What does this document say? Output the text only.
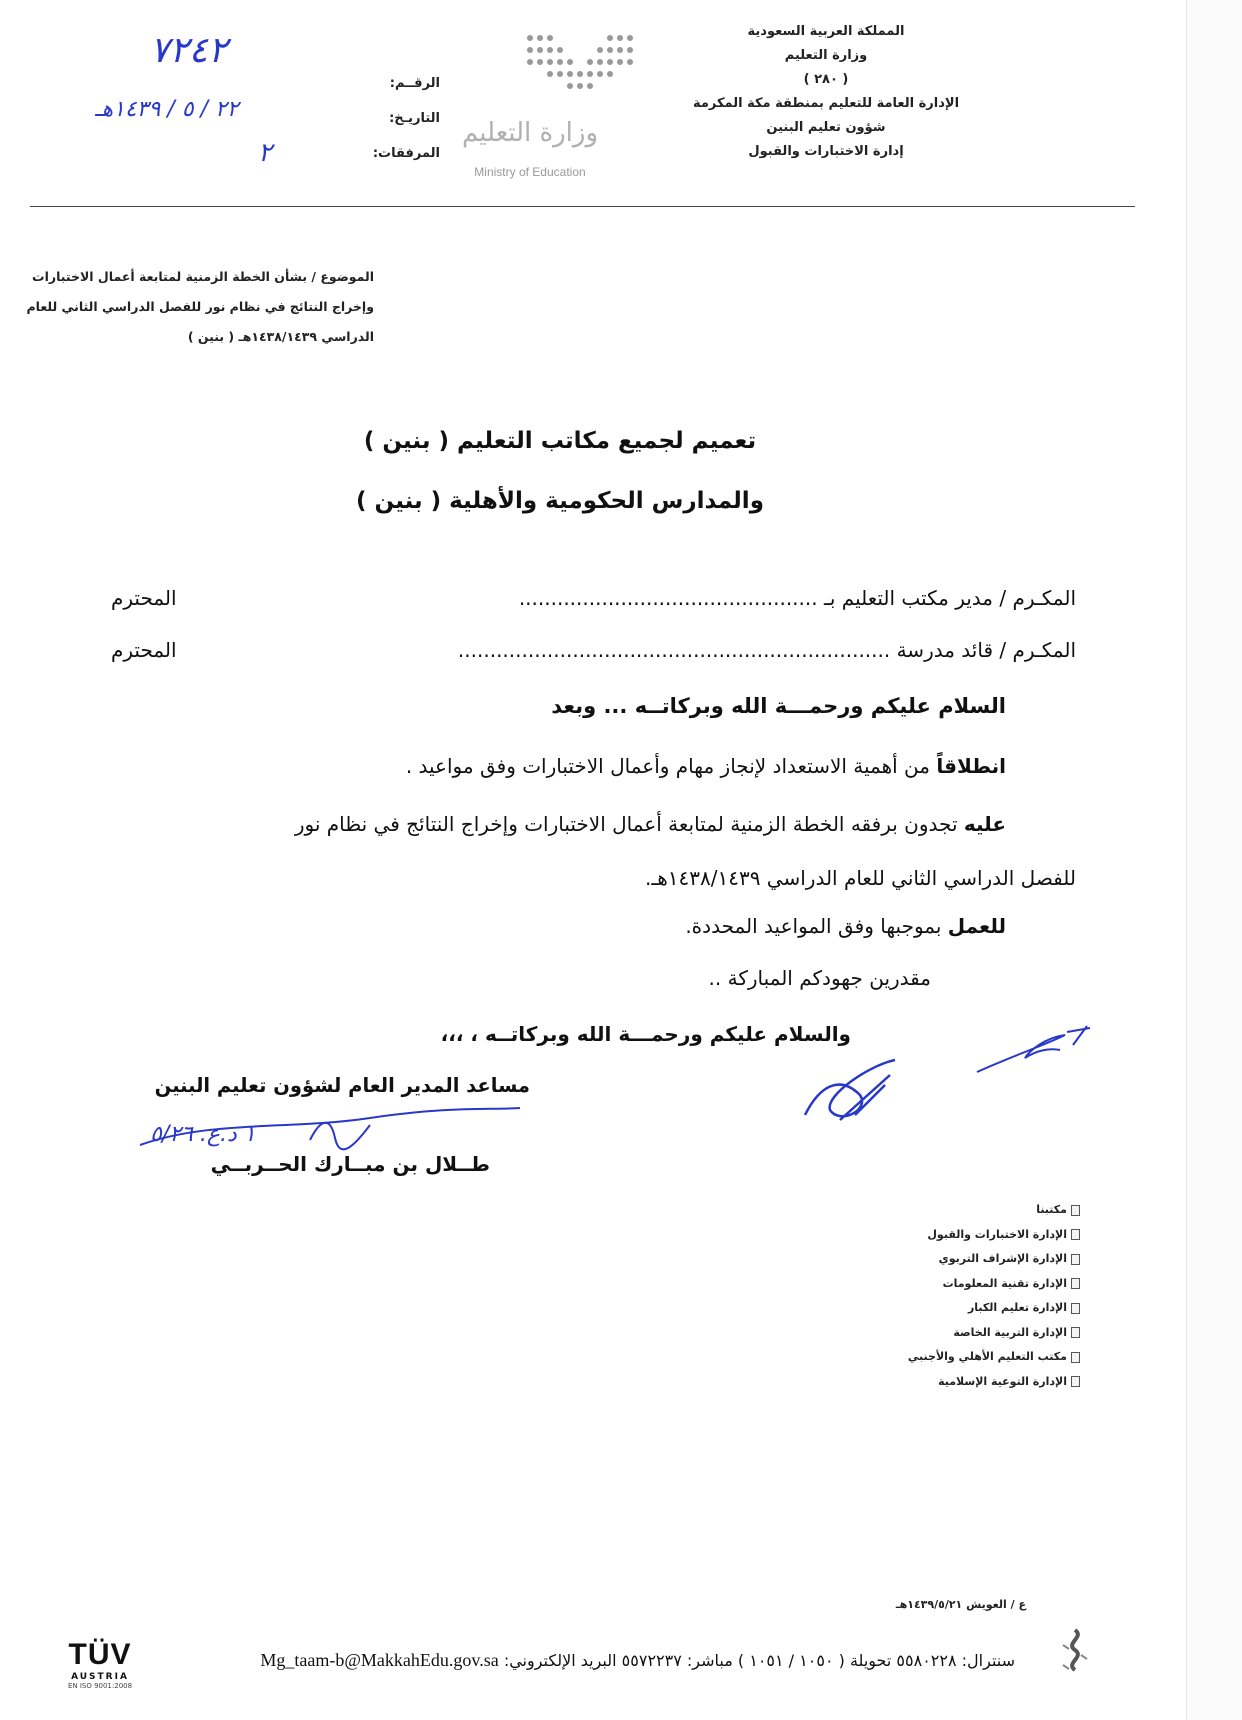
المملكة العربية السعودية
وزارة التعليم
( ٢٨٠ )
الإدارة العامة للتعليم بمنطقة مكة المكرمة
شؤون تعليم البنين
إدارة الاختبارات والقبول
وزارة التعليم
Ministry of Education
الرقــم:
التاريـخ:
المرفقات:
٧٢٤٢
٢٢ / ٥ / ١٤٣٩هـ
٢
الموضوع / بشأن الخطة الزمنية لمتابعة أعمال الاختبارات
وإخراج النتائج في نظام نور للفصل الدراسي الثاني للعام
الدراسي ١٤٣٨/١٤٣٩هـ ( بنين )
تعميم لجميع مكاتب التعليم ( بنين )
والمدارس الحكومية والأهلية ( بنين )
المكـرم / مدير مكتب التعليم بـ ...............................................
المحترم
المكـرم / قائد مدرسة ....................................................................
المحترم
السلام عليكم ورحمـــة الله وبركاتــه ... وبعد
انطلاقاً من أهمية الاستعداد لإنجاز مهام وأعمال الاختبارات وفق مواعيد .
عليه تجدون برفقه الخطة الزمنية لمتابعة أعمال الاختبارات وإخراج النتائج في نظام نور
للفصل الدراسي الثاني للعام الدراسي ١٤٣٨/١٤٣٩هـ.
للعمل بموجبها وفق المواعيد المحددة.
مقدرين جهودكم المباركة ..
والسلام عليكم ورحمـــة الله وبركاتــه ، ،،،
مساعد المدير العام لشؤون تعليم البنين
طــلال بن مبــارك الحــربــي
١ د.ع. ٥/٢٦
مكتبنا
الإدارة الاختبارات والقبول
الإدارة الإشراف التربوي
الإدارة تقنية المعلومات
الإدارة تعليم الكبار
الإدارة التربية الخاصة
مكتب التعليم الأهلي والأجنبي
الإدارة التوعية الإسلامية
ع / العويش ١٤٣٩/٥/٢١هـ
سنترال: ٥٥٨٠٢٢٨ تحويلة ( ١٠٥٠ / ١٠٥١ ) مباشر: ٥٥٧٢٢٣٧ البريد الإلكتروني: Mg_taam-b@MakkahEdu.gov.sa
TÜV
AUSTRIA
EN ISO 9001:2008
